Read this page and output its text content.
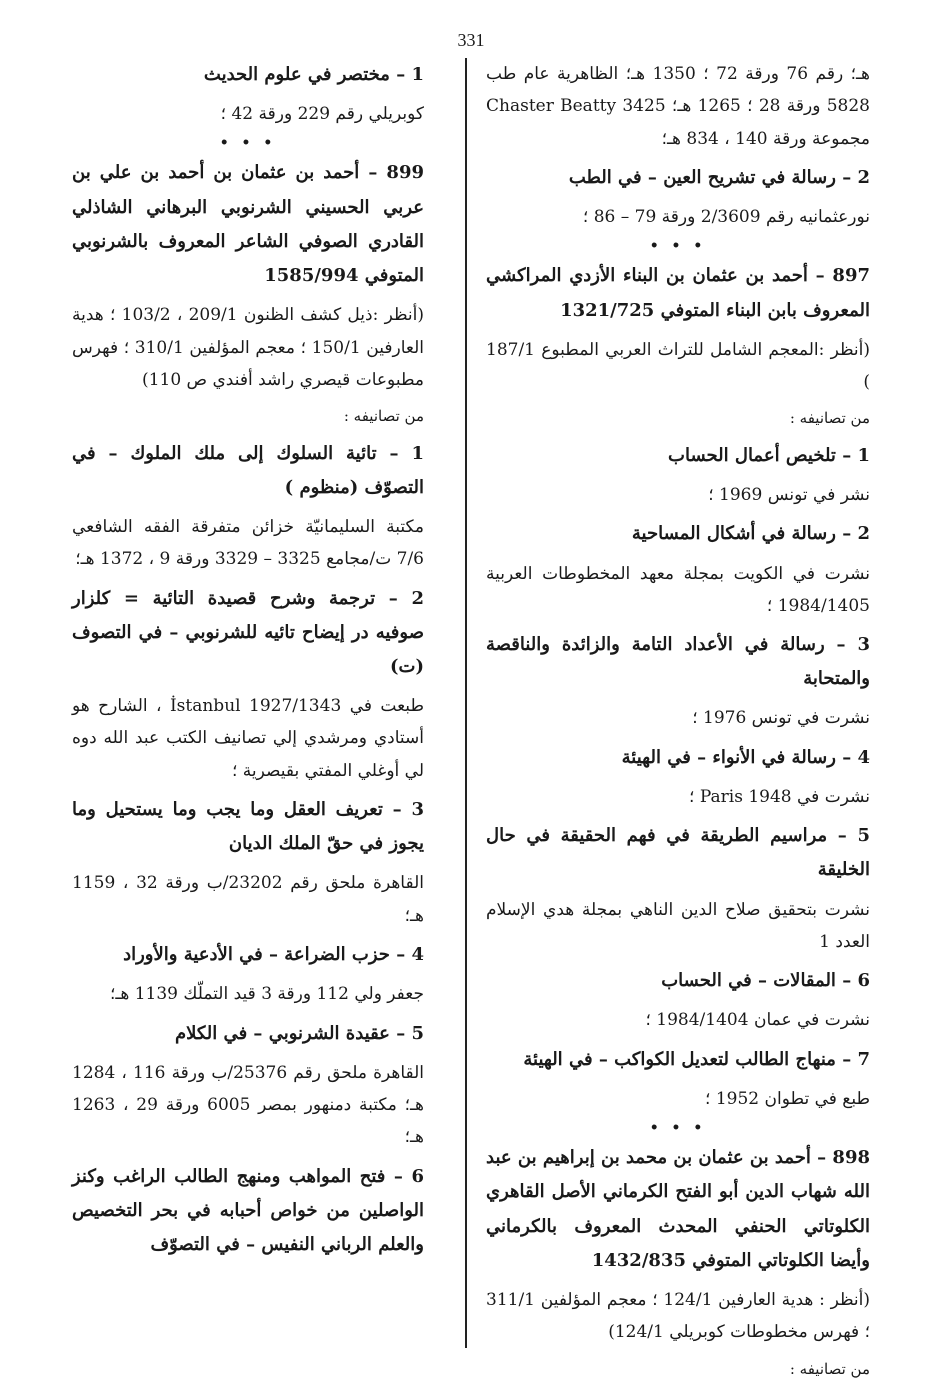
331

هـ؛ رقم 76 ورقة 72 ؛ 1350 هـ؛ الظاهرية عام طب 5828 ورقة 28 ؛ 1265 هـ؛ Chaster Beatty 3425 مجموعة ورقة 140 ، 834 هـ؛

2 – رسالة في تشريح العين – في الطب

نورعثمانيه رقم 2/3609 ورقة 79 – 86 ؛

• • •

897 – أحمد بن عثمان بن البناء الأزدي المراكشي المعروف بابن البناء المتوفي 1321/725

(أنظر :المعجم الشامل للتراث العربي المطبوع 187/1 )

من تصانيفه :

1 – تلخيص أعمال الحساب

نشر في تونس 1969 ؛

2 – رسالة في أشكال المساحية

نشرت في الكويت بمجلة معهد المخطوطات العربية 1984/1405 ؛

3 – رسالة في الأعداد التامة والزائدة والناقصة والمتحابة

نشرت في تونس 1976 ؛

4 – رسالة في الأنواء – في الهيئة

نشرت في Paris 1948 ؛

5 – مراسيم الطريقة في فهم الحقيقة في حال الخليقة

نشرت بتحقيق صلاح الدين الناهي بمجلة هدي الإسلام العدد 1

6 – المقالات – في الحساب

نشرت في عمان 1984/1404 ؛

7 – منهاج الطالب لتعديل الكواكب – في الهيئة

طبع في تطوان 1952 ؛

• • •

898 – أحمد بن عثمان بن محمد بن إبراهيم بن عبد الله شهاب الدين أبو الفتح الكرماني الأصل القاهري الكلوتاتي الحنفي المحدث المعروف بالكرماني وأيضا الكلوتاتي المتوفي 1432/835

(أنظر : هدية العارفين 124/1 ؛ معجم المؤلفين 311/1 ؛ فهرس مخطوطات كوبريلي 124/1)

من تصانيفه :

1 – مختصر في علوم الحديث

كوبريلي رقم 229 ورقة 42 ؛

• • •

899 – أحمد بن عثمان بن أحمد بن علي بن عربي الحسيني الشرنوبي البرهاني الشاذلي القادري الصوفي الشاعر المعروف بالشرنوبي المتوفي 1585/994

(أنظر :ذيل كشف الظنون 209/1 ، 103/2 ؛ هدية العارفين 150/1 ؛ معجم المؤلفين 310/1 ؛ فهرس مطبوعات قيصري راشد أفندي ص 110)

من تصانيفه :

1 – تائية السلوك إلى ملك الملوك – في التصوّف (منظوم )

مكتبة السليمانيّة خزائن متفرقة الفقه الشافعي 7/6 ت/مجامع 3325 – 3329 ورقة 9 ، 1372 هـ؛

2 – ترجمة وشرح قصيدة التائية = كلزار صوفيه در إيضاح تائيه للشرنوبي – في التصوف (ت)

طبعت في İstanbul 1927/1343 ، الشارح هو أستادي ومرشدي إلي تصانيف الكتب عبد الله دوه لي أوغلي المفتي بقيصرية ؛

3 – تعريف العقل وما يجب وما يستحيل وما يجوز في حقّ الملك الديان

القاهرة ملحق رقم 23202/ب ورقة 32 ، 1159 هـ؛

4 – حزب الضراعة – في الأدعية والأوراد

جعفر ولي 112 ورقة 3 قيد التملّك 1139 هـ؛

5 – عقيدة الشرنوبي – في الكلام

القاهرة ملحق رقم 25376/ب ورقة 116 ، 1284 هـ؛ مكتبة دمنهور بمصر 6005 ورقة 29 ، 1263 هـ؛

6 – فتح المواهب ومنهج الطالب الراغب وكنز الواصلين من خواص أحبابه في بحر التخصيص والعلم الرباني النفيس – في التصوّف
